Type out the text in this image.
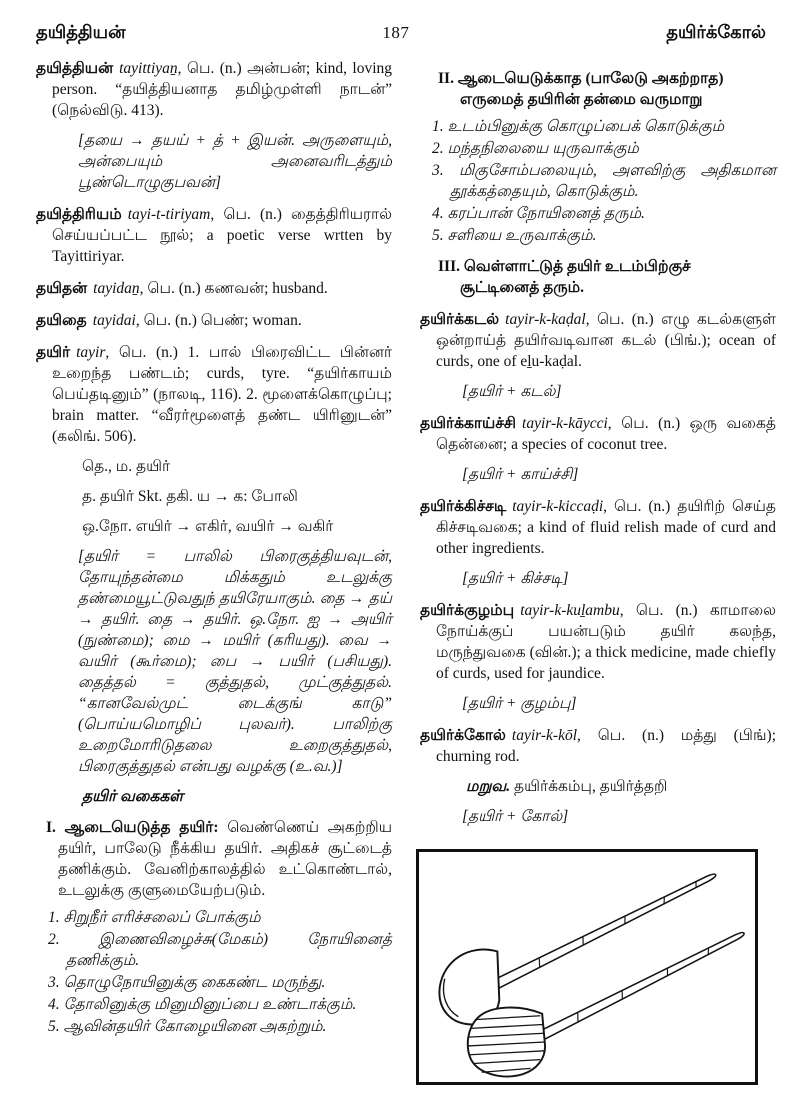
தயித்தியன்	187	தயிர்க்கோல்

தயித்தியன் tayittiyaṉ, பெ. (n.) அன்பன்; kind, loving person. “தயித்தியனாத தமிழ்முள்ளி நாடன்” (நெல்விடு. 413).

[தயை → தயய் + த் + இயன். அருளையும், அன்பையும் அனைவரிடத்தும் பூண்டொழுகுபவன்]

தயித்திரியம் tayi-t-tiriyam, பெ. (n.) தைத்திரியரால் செய்யப்பட்ட நூல்; a poetic verse wrtten by Tayittiriyar.

தயிதன் tayidaṉ, பெ. (n.) கணவன்; husband.

தயிதை tayidai, பெ. (n.) பெண்; woman.

தயிர் tayir, பெ. (n.) 1. பால் பிரைவிட்ட பின்னர் உறைந்த பண்டம்; curds, tyre. “தயிர்காயம் பெய்தடினும்” (நாலடி, 116). 2. மூளைக்கொழுப்பு; brain matter. “வீரர்மூளைத் தண்ட யிரினுடன்” (கலிங். 506).

தெ., ம. தயிர்

த. தயிர் Skt. தகி. ய → க: போலி

ஒ.நோ. எயிர் → எகிர், வயிர் → வகிர்

[தயிர் = பாலில் பிரைகுத்தியவுடன், தோயுந்தன்மை மிக்கதும் உடலுக்கு தண்மையூட்டுவதுந் தயிரேயாகும். தை → தய் → தயிர். தை → தயிர். ஒ.நோ. ஐ → அயிர் (நுண்மை); மை → மயிர் (கரியது). வை → வயிர் (கூர்மை); பை → பயிர் (பசியது). தைத்தல் = குத்துதல், முட்குத்துதல். “கானவேல்முட் டைக்குங் காடு” (பொய்யமொழிப் புலவர்). பாலிற்கு உறைமோரிடுதலை உறைகுத்துதல், பிரைகுத்துதல் என்பது வழக்கு (உ.வ.)]

தயிர் வகைகள்

I. ஆடையெடுத்த தயிர்: வெண்ணெய் அகற்றிய தயிர், பாலேடு நீக்கிய தயிர். அதிகச் சூட்டைத் தணிக்கும். வேனிற்காலத்தில் உட்கொண்டால், உடலுக்கு குளுமையேற்படும்.

1. சிறுநீர் எரிச்சலைப் போக்கும்
2. இணைவிழைச்சு(மேகம்) நோயினைத் தணிக்கும்.
3. தொழுநோயினுக்கு கைகண்ட மருந்து.
4. தோலினுக்கு மினுமினுப்பை உண்டாக்கும்.
5. ஆவின்தயிர் கோழையினை அகற்றும்.
II. ஆடையெடுக்காத (பாலேடு அகற்றாத)
எருமைத் தயிரின் தன்மை வருமாறு
1. உடம்பினுக்கு கொழுப்பைக் கொடுக்கும்
2. மந்தநிலையை யுருவாக்கும்
3. மிகுசோம்பலையும், அளவிற்கு அதிகமான தூக்கத்தையும், கொடுக்கும்.
4. கரப்பான் நோயினைத் தரும்.
5. சளியை உருவாக்கும்.
III. வெள்ளாட்டுத் தயிர் உடம்பிற்குச்
சூட்டினைத் தரும்.

தயிர்க்கடல் tayir-k-kaḍal, பெ. (n.) எழு கடல்களுள் ஒன்றாய்த் தயிர்வடிவான கடல் (பிங்.); ocean of curds, one of eḻu-kaḍal.

[தயிர் + கடல்]

தயிர்க்காய்ச்சி tayir-k-kāycci, பெ. (n.) ஒரு வகைத் தென்னை; a species of coconut tree.

[தயிர் + காய்ச்சி]

தயிர்க்கிச்சடி tayir-k-kiccaḍi, பெ. (n.) தயிரிற் செய்த கிச்சடிவகை; a kind of fluid relish made of curd and other ingredients.

[தயிர் + கிச்சடி]

தயிர்க்குழம்பு tayir-k-kuḻambu, பெ. (n.) காமாலை நோய்க்குப் பயன்படும் தயிர் கலந்த, மருந்துவகை (வின்.); a thick medicine, made chiefly of curds, used for jaundice.

[தயிர் + குழம்பு]

தயிர்க்கோல் tayir-k-kōl, பெ. (n.) மத்து (பிங்); churning rod.

மறுவ. தயிர்க்கம்பு, தயிர்த்தறி

[தயிர் + கோல்]
